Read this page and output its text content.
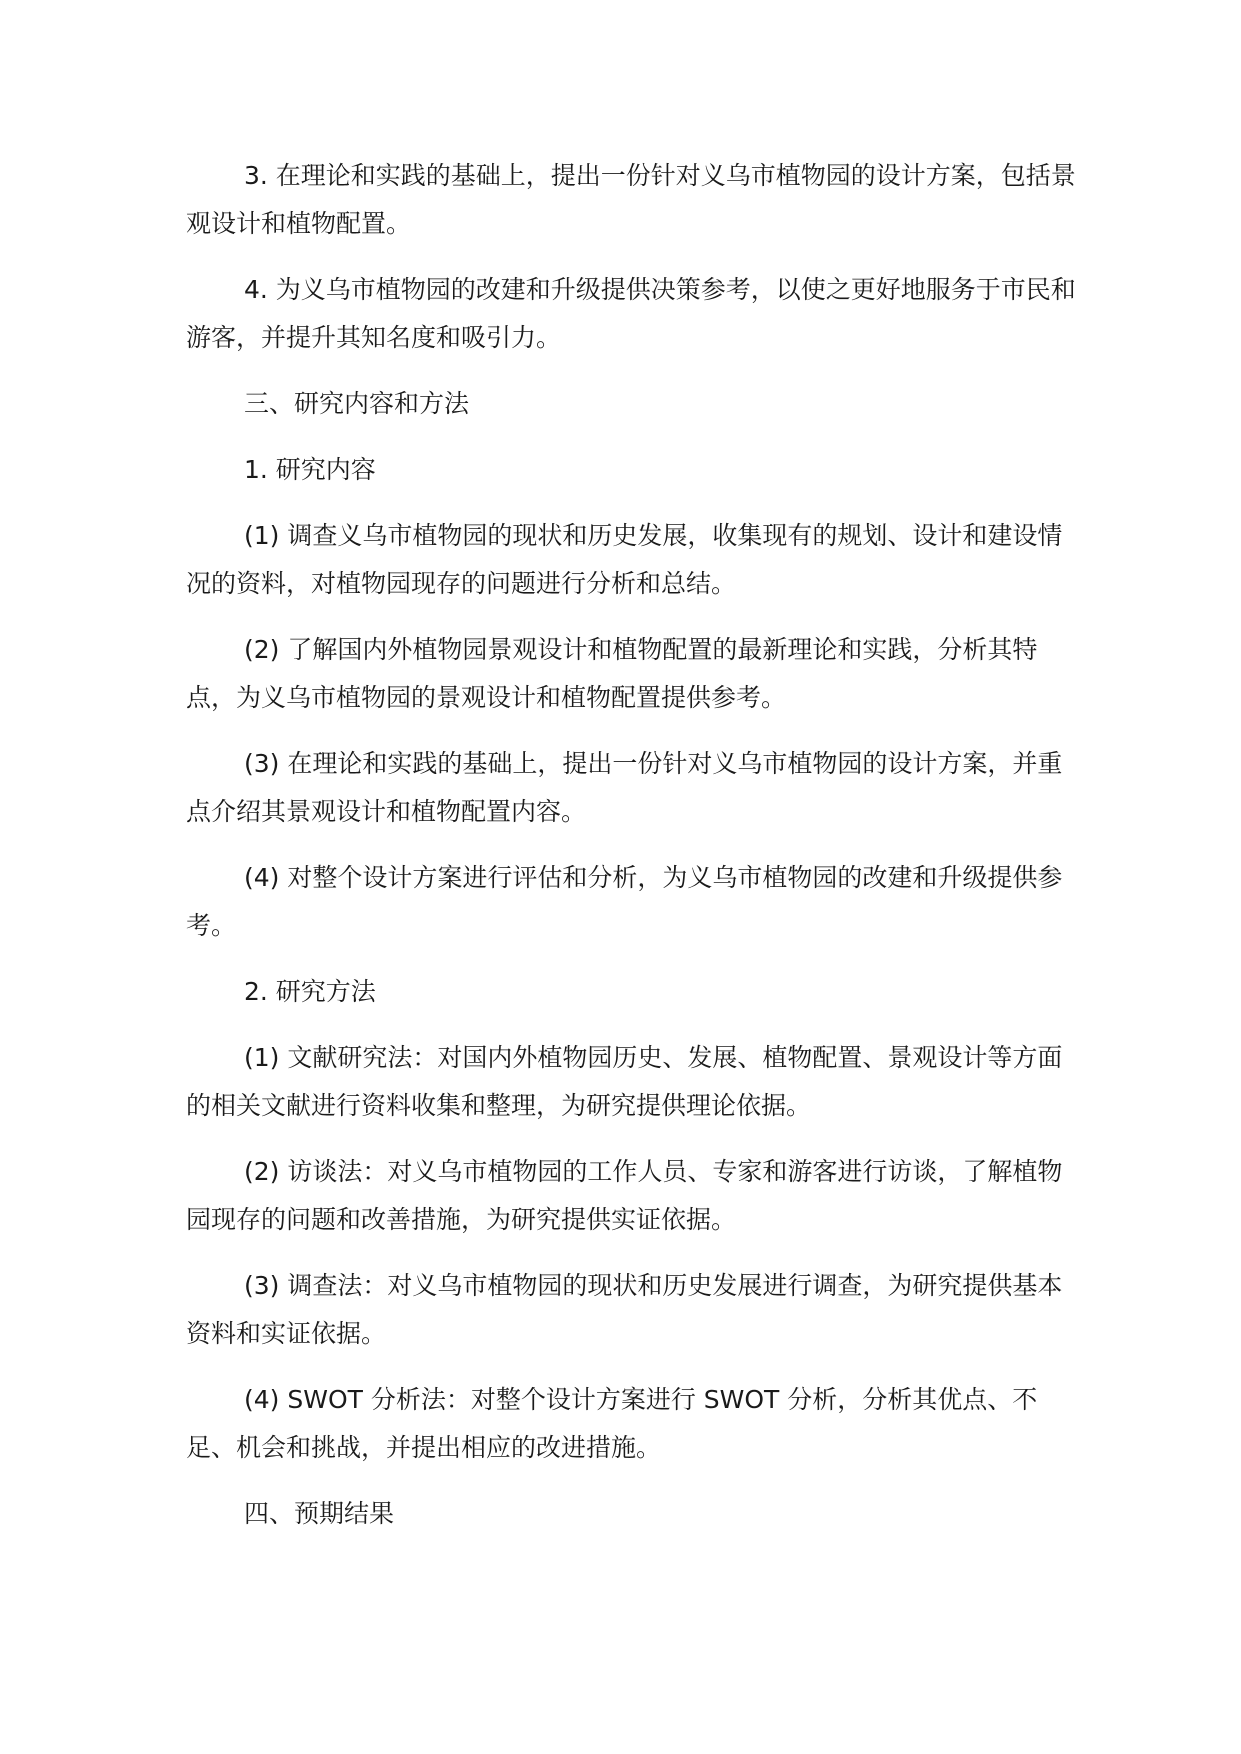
3. 在理论和实践的基础上，提出一份针对义乌市植物园的设计方案，包括景观设计和植物配置。

4. 为义乌市植物园的改建和升级提供决策参考，以使之更好地服务于市民和游客，并提升其知名度和吸引力。

三、研究内容和方法

1. 研究内容

(1) 调查义乌市植物园的现状和历史发展，收集现有的规划、设计和建设情况的资料，对植物园现存的问题进行分析和总结。

(2) 了解国内外植物园景观设计和植物配置的最新理论和实践，分析其特点，为义乌市植物园的景观设计和植物配置提供参考。

(3) 在理论和实践的基础上，提出一份针对义乌市植物园的设计方案，并重点介绍其景观设计和植物配置内容。

(4) 对整个设计方案进行评估和分析，为义乌市植物园的改建和升级提供参考。

2. 研究方法

(1) 文献研究法：对国内外植物园历史、发展、植物配置、景观设计等方面的相关文献进行资料收集和整理，为研究提供理论依据。

(2) 访谈法：对义乌市植物园的工作人员、专家和游客进行访谈，了解植物园现存的问题和改善措施，为研究提供实证依据。

(3) 调查法：对义乌市植物园的现状和历史发展进行调查，为研究提供基本资料和实证依据。

(4) SWOT 分析法：对整个设计方案进行 SWOT 分析，分析其优点、不足、机会和挑战，并提出相应的改进措施。

四、预期结果
